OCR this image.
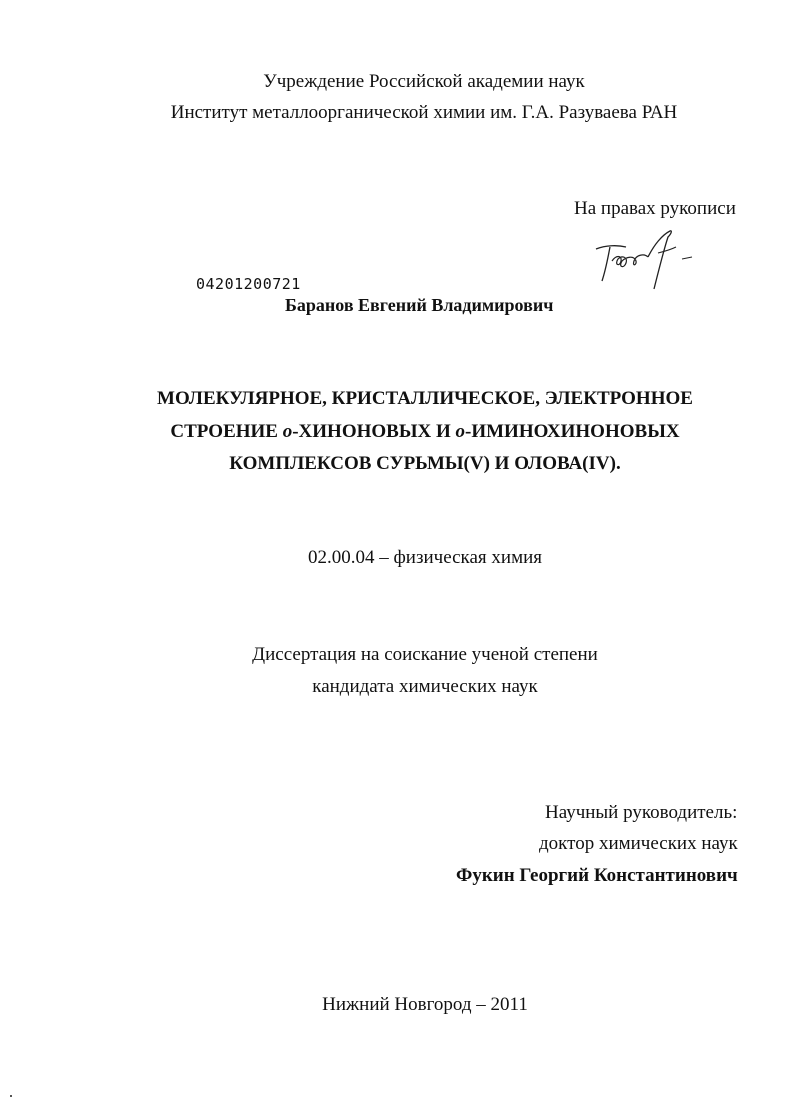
Учреждение Российской академии наук
Институт металлоорганической химии им. Г.А. Разуваева РАН
На правах рукописи
04201200721
Баранов Евгений Владимирович
МОЛЕКУЛЯРНОЕ, КРИСТАЛЛИЧЕСКОЕ, ЭЛЕКТРОННОЕ
СТРОЕНИЕ о-ХИНОНОВЫХ И о-ИМИНОХИНОНОВЫХ
КОМПЛЕКСОВ СУРЬМЫ(V) И ОЛОВА(IV).
02.00.04 – физическая химия
Диссертация на соискание ученой степени
кандидата химических наук
Научный руководитель:
доктор химических наук
Фукин Георгий Константинович
Нижний Новгород – 2011
